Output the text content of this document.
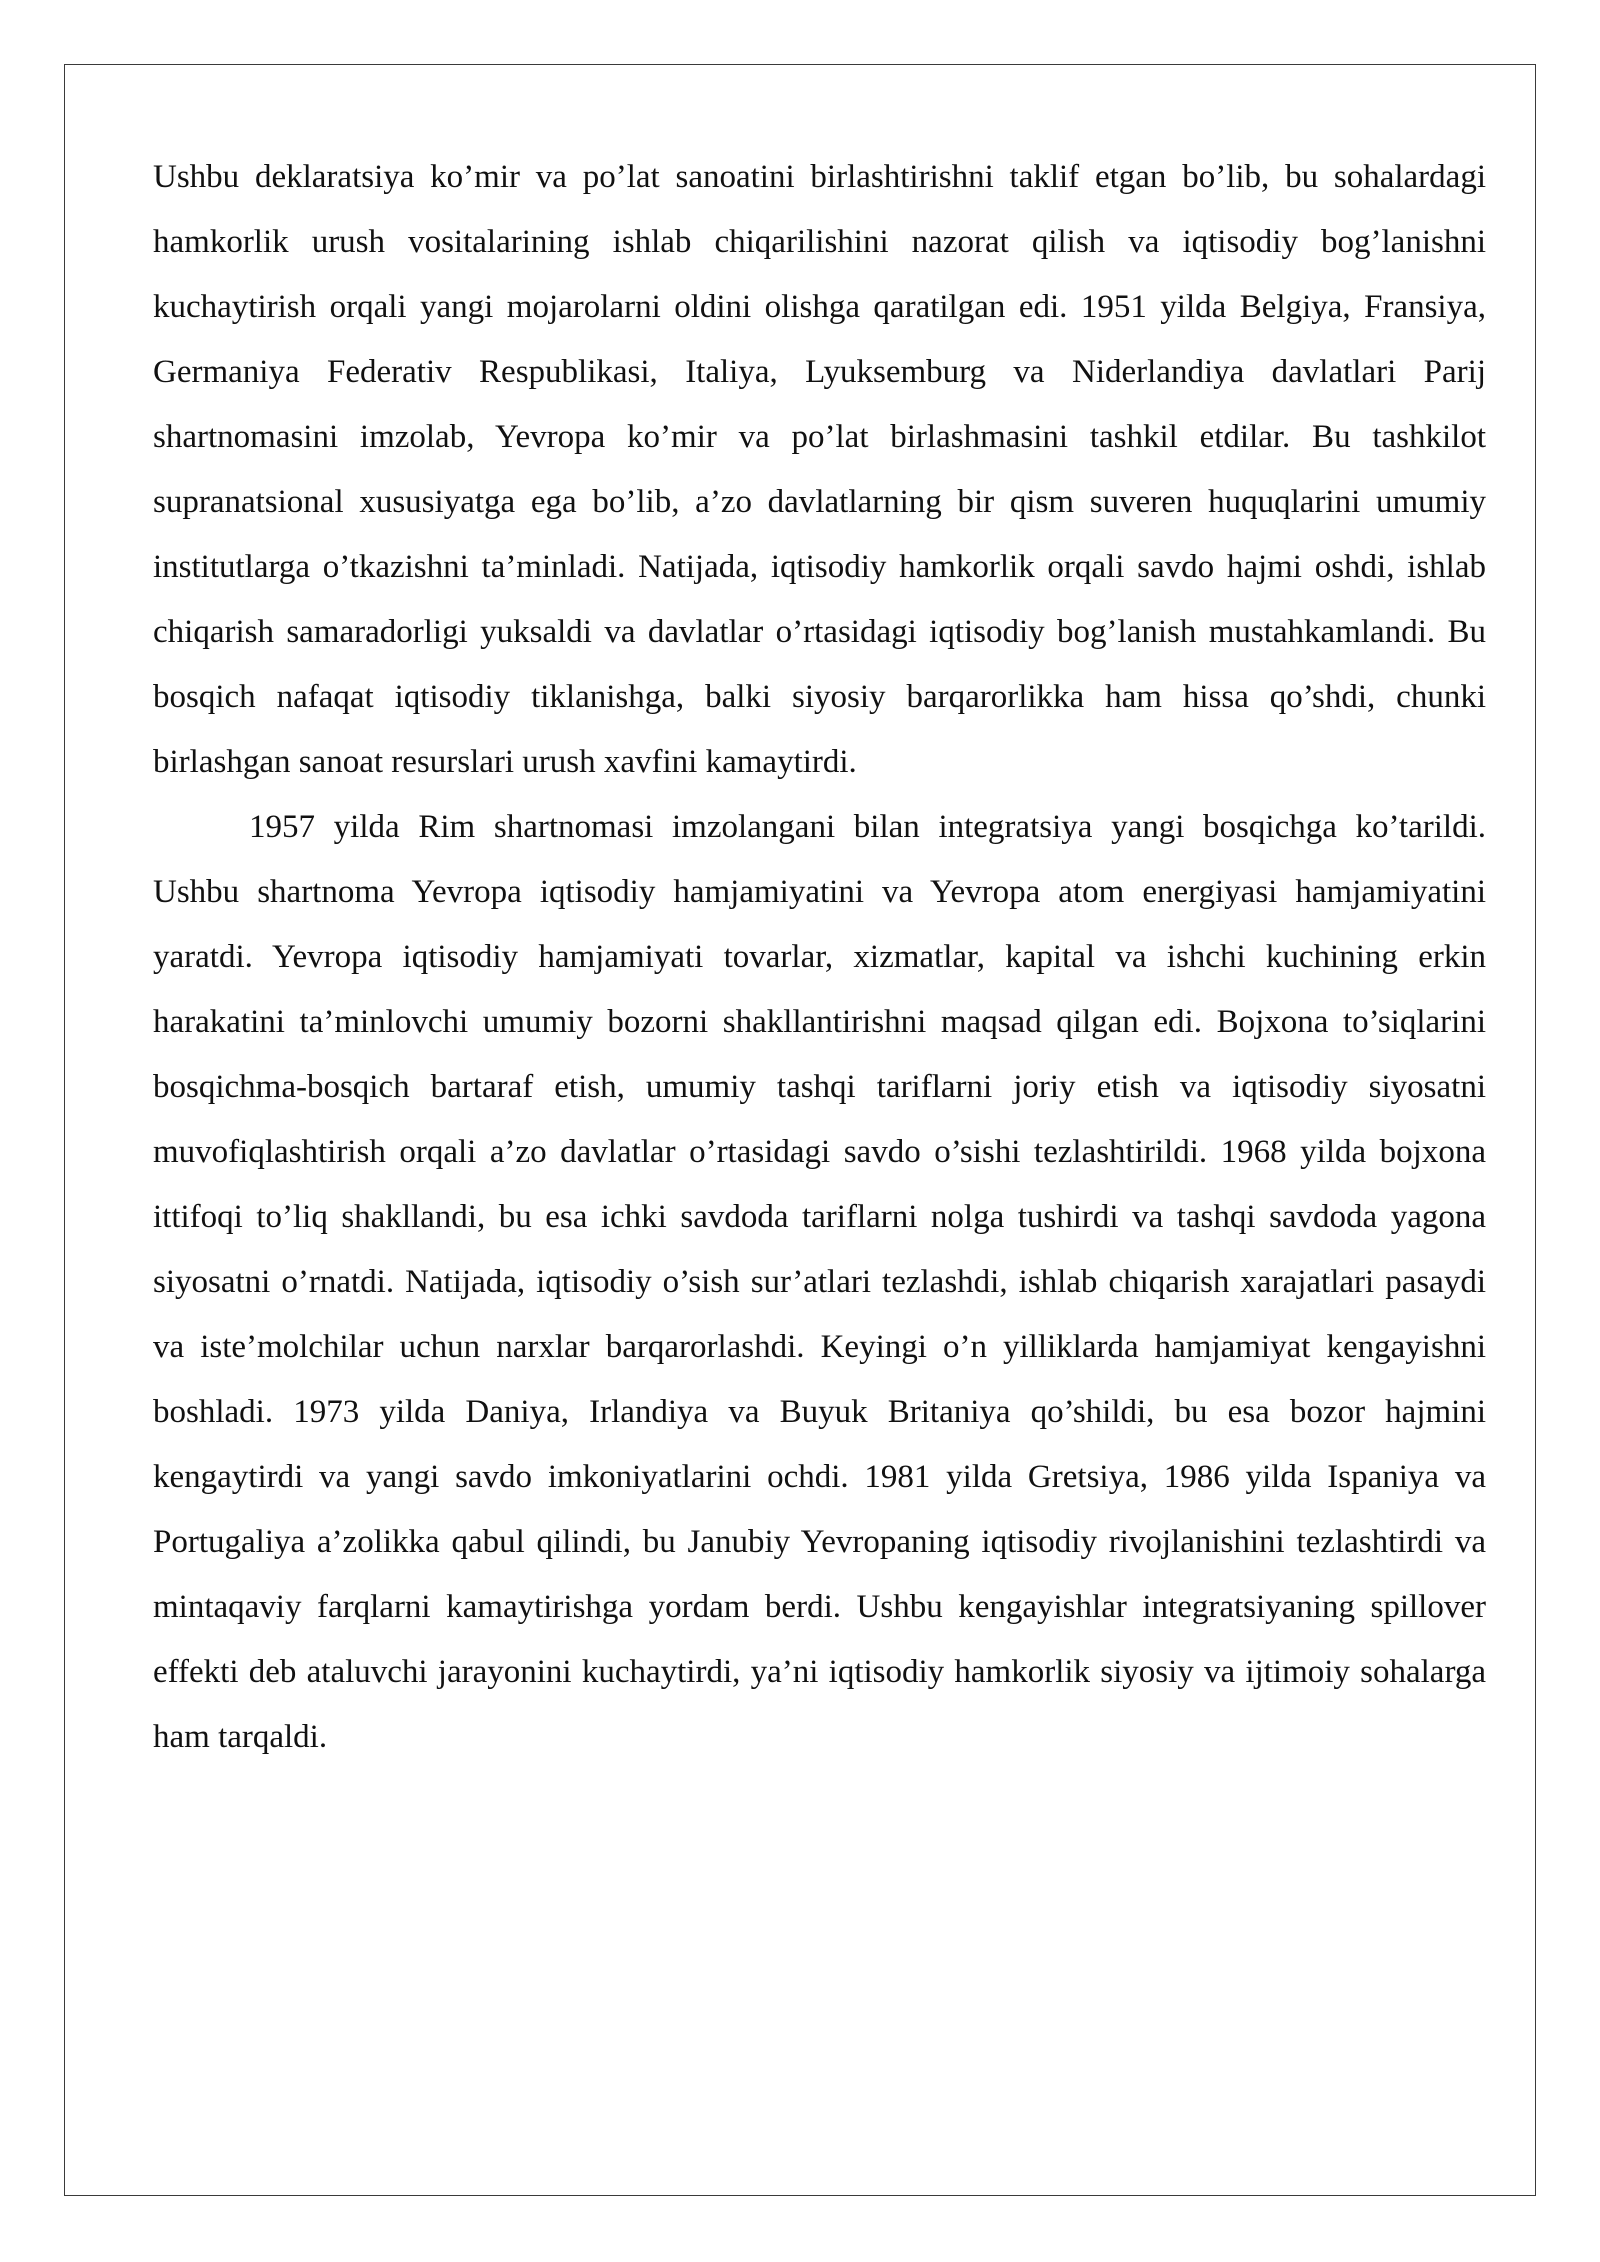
Ushbu deklaratsiya ko’mir va po’lat sanoatini birlashtirishni taklif etgan bo’lib, bu sohalardagi hamkorlik urush vositalarining ishlab chiqarilishini nazorat qilish va iqtisodiy bog’lanishni kuchaytirish orqali yangi mojarolarni oldini olishga qaratilgan edi. 1951 yilda Belgiya, Fransiya, Germaniya Federativ Respublikasi, Italiya, Lyuksemburg va Niderlandiya davlatlari Parij shartnomasini imzolab, Yevropa ko’mir va po’lat birlashmasini tashkil etdilar. Bu tashkilot supranatsional xususiyatga ega bo’lib, a’zo davlatlarning bir qism suveren huquqlarini umumiy institutlarga o’tkazishni ta’minladi. Natijada, iqtisodiy hamkorlik orqali savdo hajmi oshdi, ishlab chiqarish samaradorligi yuksaldi va davlatlar o’rtasidagi iqtisodiy bog’lanish mustahkamlandi. Bu bosqich nafaqat iqtisodiy tiklanishga, balki siyosiy barqarorlikka ham hissa qo’shdi, chunki birlashgan sanoat resurslari urush xavfini kamaytirdi.

1957 yilda Rim shartnomasi imzolangani bilan integratsiya yangi bosqichga ko’tarildi. Ushbu shartnoma Yevropa iqtisodiy hamjamiyatini va Yevropa atom energiyasi hamjamiyatini yaratdi. Yevropa iqtisodiy hamjamiyati tovarlar, xizmatlar, kapital va ishchi kuchining erkin harakatini ta’minlovchi umumiy bozorni shakllantirishni maqsad qilgan edi. Bojxona to’siqlarini bosqichma-bosqich bartaraf etish, umumiy tashqi tariflarni joriy etish va iqtisodiy siyosatni muvofiqlashtirish orqali a’zo davlatlar o’rtasidagi savdo o’sishi tezlashtirildi. 1968 yilda bojxona ittifoqi to’liq shakllandi, bu esa ichki savdoda tariflarni nolga tushirdi va tashqi savdoda yagona siyosatni o’rnatdi. Natijada, iqtisodiy o’sish sur’atlari tezlashdi, ishlab chiqarish xarajatlari pasaydi va iste’molchilar uchun narxlar barqarorlashdi. Keyingi o’n yilliklarda hamjamiyat kengayishni boshladi. 1973 yilda Daniya, Irlandiya va Buyuk Britaniya qo’shildi, bu esa bozor hajmini kengaytirdi va yangi savdo imkoniyatlarini ochdi. 1981 yilda Gretsiya, 1986 yilda Ispaniya va Portugaliya a’zolikka qabul qilindi, bu Janubiy Yevropaning iqtisodiy rivojlanishini tezlashtirdi va mintaqaviy farqlarni kamaytirishga yordam berdi. Ushbu kengayishlar integratsiyaning spillover effekti deb ataluvchi jarayonini kuchaytirdi, ya’ni iqtisodiy hamkorlik siyosiy va ijtimoiy sohalarga ham tarqaldi.
